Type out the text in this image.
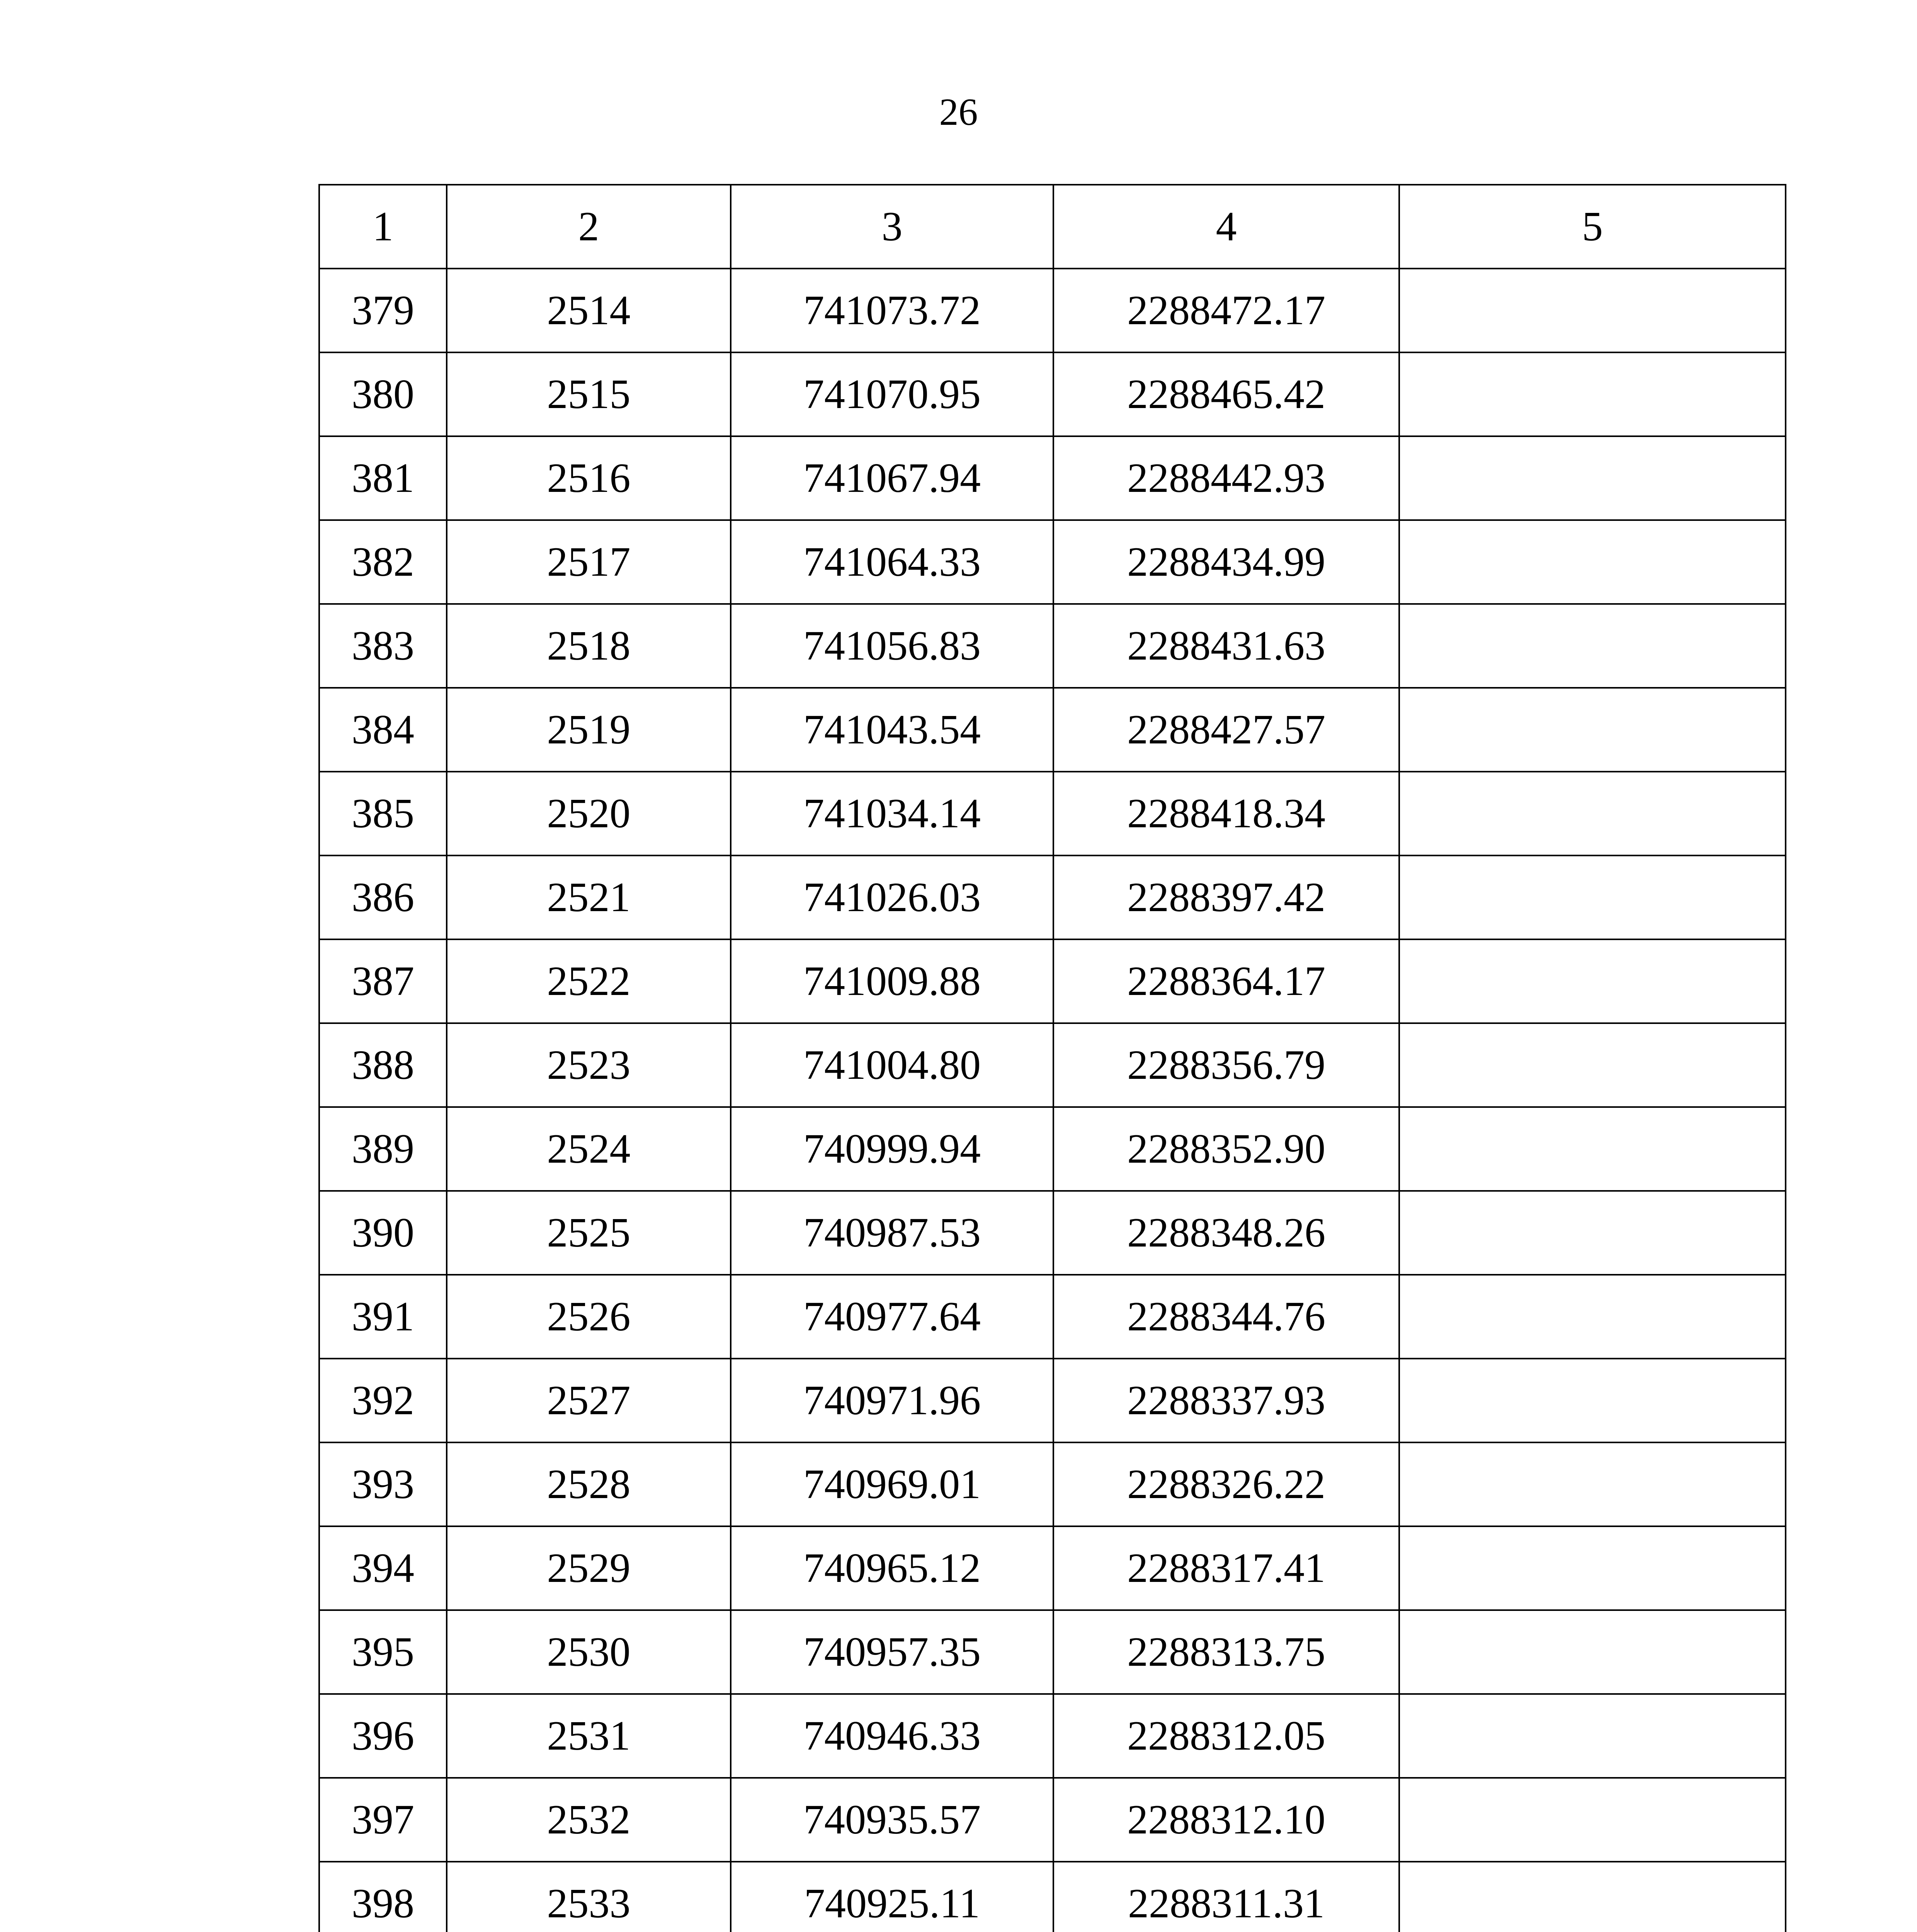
26
1	2	3	4	5
379	2514	741073.72	2288472.17	
380	2515	741070.95	2288465.42	
381	2516	741067.94	2288442.93	
382	2517	741064.33	2288434.99	
383	2518	741056.83	2288431.63	
384	2519	741043.54	2288427.57	
385	2520	741034.14	2288418.34	
386	2521	741026.03	2288397.42	
387	2522	741009.88	2288364.17	
388	2523	741004.80	2288356.79	
389	2524	740999.94	2288352.90	
390	2525	740987.53	2288348.26	
391	2526	740977.64	2288344.76	
392	2527	740971.96	2288337.93	
393	2528	740969.01	2288326.22	
394	2529	740965.12	2288317.41	
395	2530	740957.35	2288313.75	
396	2531	740946.33	2288312.05	
397	2532	740935.57	2288312.10	
398	2533	740925.11	2288311.31	
